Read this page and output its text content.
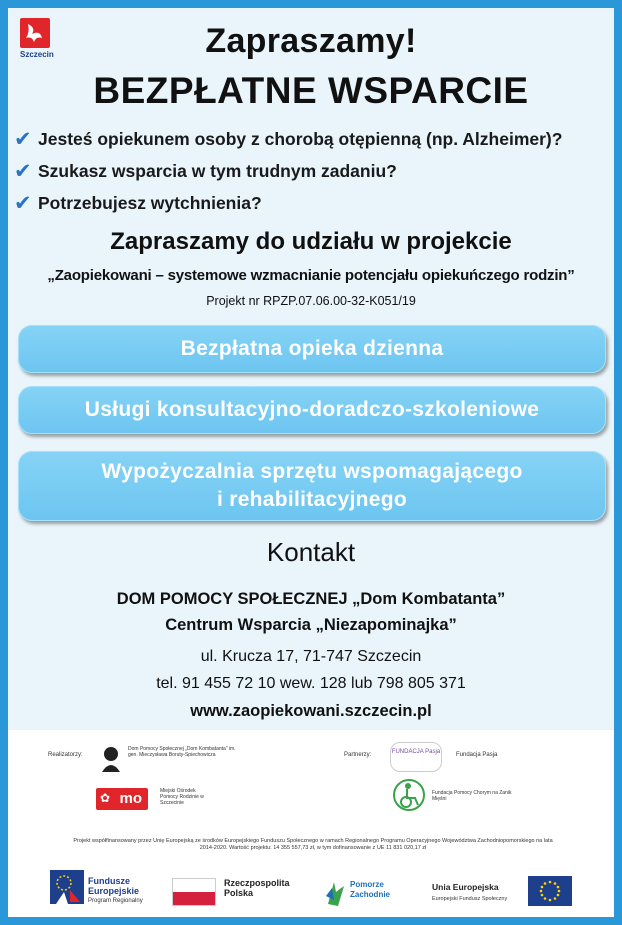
Szczecin	Zapraszamy!
BEZPŁATNE WSPARCIE
✔ Jesteś opiekunem osoby z chorobą otępienną (np. Alzheimer)?
✔ Szukasz wsparcia w tym trudnym zadaniu?
✔ Potrzebujesz wytchnienia?
Zapraszamy do udziału w projekcie
„Zaopiekowani – systemowe wzmacnianie potencjału opiekuńczego rodzin”
Projekt nr RPZP.07.06.00-32-K051/19
Bezpłatna opieka dzienna
Usługi konsultacyjno-doradczo-szkoleniowe
Wypożyczalnia sprzętu wspomagającego
i rehabilitacyjnego
Kontakt
DOM POMOCY SPOŁECZNEJ „Dom Kombatanta”
Centrum Wsparcia „Niezapominajka”
ul. Krucza 17, 71-747 Szczecin
tel. 91 455 72 10 wew. 128 lub 798 805 371
www.zaopiekowani.szczecin.pl
Realizatorzy:
Dom Pomocy Społecznej „Dom Kombatanta” im. gen. Mieczysława Boruty-Spiechowicza
mo
✿	Miejski Ośrodek Pomocy Rodzinie w Szczecinie
Partnerzy:	FUNDACJA Pasja	Fundacja Pasja
Fundacja Pomocy Chorym na Zanik Mięśni
Projekt współfinansowany przez Unię Europejską ze środków Europejskiego Funduszu Społecznego w ramach Regionalnego Programu Operacyjnego Województwa Zachodniopomorskiego na lata 2014-2020. Wartość projektu: 14 355 557,73 zł, w tym dofinansowanie z UE 11 831 020,17 zł
Fundusze Europejskie
Program Regionalny
Rzeczpospolita Polska
Pomorze Zachodnie
Unia Europejska
Europejski Fundusz Społeczny
